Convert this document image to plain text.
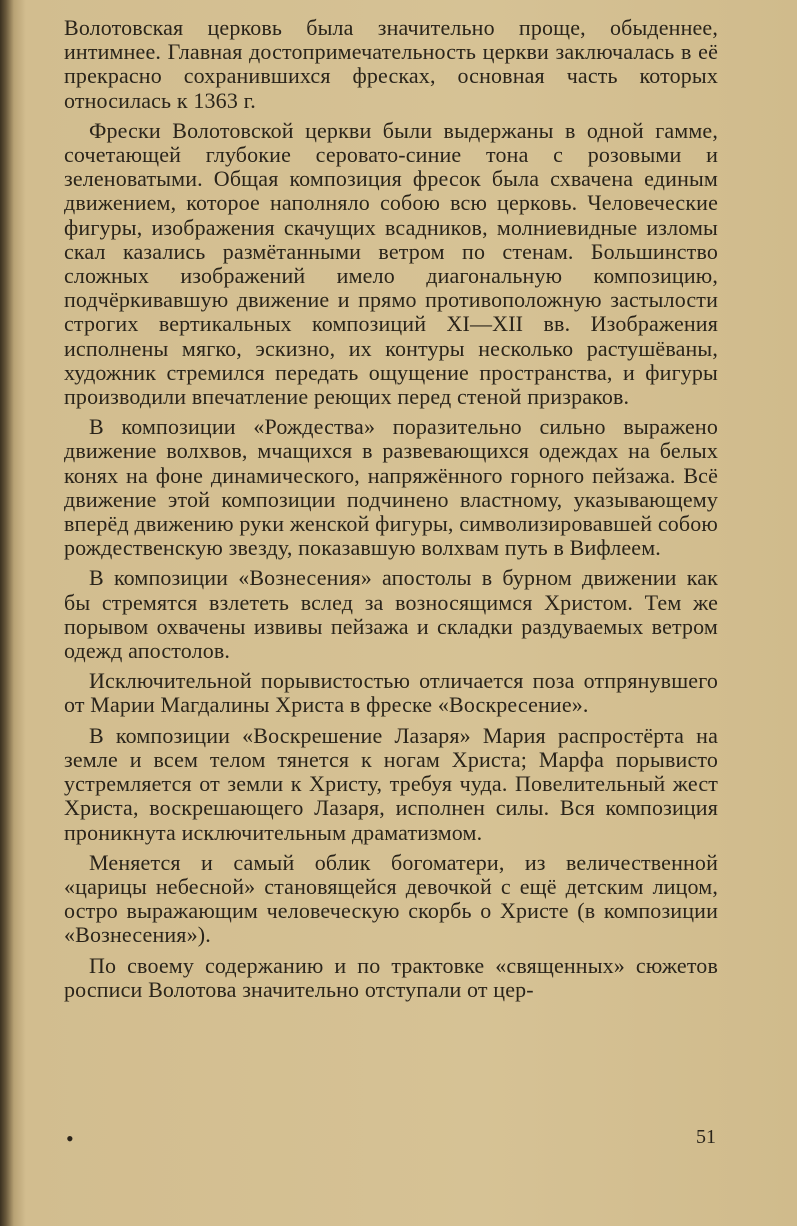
Волотовская церковь была значительно проще, обыденнее, интимнее. Главная достопримечательность церкви заключалась в её прекрасно сохранившихся фресках, основная часть которых относилась к 1363 г.

Фрески Волотовской церкви были выдержаны в одной гамме, сочетающей глубокие серовато-синие тона с розовыми и зеленоватыми. Общая композиция фресок была схвачена единым движением, которое наполняло собою всю церковь. Человеческие фигуры, изображения скачущих всадников, молниевидные изломы скал казались размётанными ветром по стенам. Большинство сложных изображений имело диагональную композицию, подчёркивавшую движение и прямо противоположную застылости строгих вертикальных композиций XI—XII вв. Изображения исполнены мягко, эскизно, их контуры несколько растушёваны, художник стремился передать ощущение пространства, и фигуры производили впечатление реющих перед стеной призраков.

В композиции «Рождества» поразительно сильно выражено движение волхвов, мчащихся в развевающихся одеждах на белых конях на фоне динамического, напряжённого горного пейзажа. Всё движение этой композиции подчинено властному, указывающему вперёд движению руки женской фигуры, символизировавшей собою рождественскую звезду, показавшую волхвам путь в Вифлеем.

В композиции «Вознесения» апостолы в бурном движении как бы стремятся взлететь вслед за возносящимся Христом. Тем же порывом охвачены извивы пейзажа и складки раздуваемых ветром одежд апостолов.

Исключительной порывистостью отличается поза отпрянувшего от Марии Магдалины Христа в фреске «Воскресение».

В композиции «Воскрешение Лазаря» Мария распростёрта на земле и всем телом тянется к ногам Христа; Марфа порывисто устремляется от земли к Христу, требуя чуда. Повелительный жест Христа, воскрешающего Лазаря, исполнен силы. Вся композиция проникнута исключительным драматизмом.

Меняется и самый облик богоматери, из величественной «царицы небесной» становящейся девочкой с ещё детским лицом, остро выражающим человеческую скорбь о Христе (в композиции «Вознесения»).

По своему содержанию и по трактовке «священных» сюжетов росписи Волотова значительно отступали от цер-

•	51
